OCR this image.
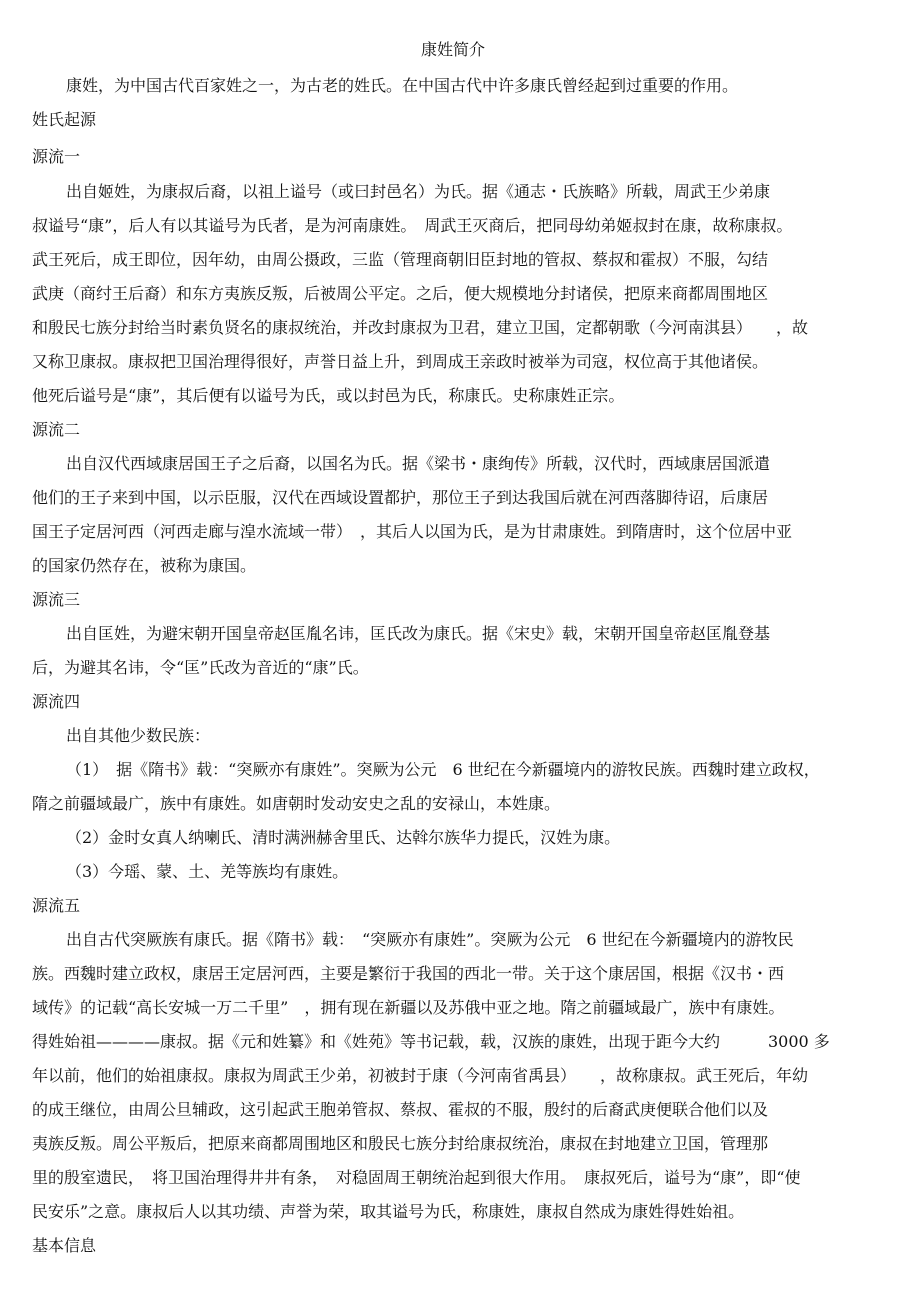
康姓简介
康姓，为中国古代百家姓之一，为古老的姓氏。在中国古代中许多康氏曾经起到过重要的作用。
姓氏起源
源流一
出自姬姓，为康叔后裔，以祖上谥号（或曰封邑名）为氏。据《通志・氏族略》所载，周武王少弟康
叔谥号“康”，后人有以其谥号为氏者，是为河南康姓。　周武王灭商后，把同母幼弟姬叔封在康，故称康叔。
武王死后，成王即位，因年幼，由周公摄政，三监（管理商朝旧臣封地的管叔、蔡叔和霍叔）不服，勾结
武庚（商纣王后裔）和东方夷族反叛，后被周公平定。之后，便大规模地分封诸侯，把原来商都周围地区
和殷民七族分封给当时素负贤名的康叔统治，并改封康叔为卫君，建立卫国，定都朝歌（今河南淇县）　　，故
又称卫康叔。康叔把卫国治理得很好，声誉日益上升，到周成王亲政时被举为司寇，权位高于其他诸侯。
他死后谥号是“康”，其后便有以谥号为氏，或以封邑为氏，称康氏。史称康姓正宗。
源流二
出自汉代西域康居国王子之后裔，以国名为氏。据《梁书・康绚传》所载，汉代时，西域康居国派遣
他们的王子来到中国，以示臣服，汉代在西域设置都护，那位王子到达我国后就在河西落脚待诏，后康居
国王子定居河西（河西走廊与湟水流域一带）　，其后人以国为氏，是为甘肃康姓。到隋唐时，这个位居中亚
的国家仍然存在，被称为康国。
源流三
出自匡姓，为避宋朝开国皇帝赵匡胤名讳，匡氏改为康氏。据《宋史》载，宋朝开国皇帝赵匡胤登基
后，为避其名讳，令“匡”氏改为音近的“康”氏。
源流四
出自其他少数民族：
（1）　据《隋书》载：“突厥亦有康姓”。突厥为公元　6 世纪在今新疆境内的游牧民族。西魏时建立政权，
隋之前疆域最广，族中有康姓。如唐朝时发动安史之乱的安禄山，本姓康。
（2）金时女真人纳喇氏、清时满洲赫舍里氏、达斡尔族华力提氏，汉姓为康。
（3）今瑶、蒙、土、羌等族均有康姓。
源流五
出自古代突厥族有康氏。据《隋书》载：　“突厥亦有康姓”。突厥为公元　6 世纪在今新疆境内的游牧民
族。西魏时建立政权，康居王定居河西，主要是繁衍于我国的西北一带。关于这个康居国，根据《汉书・西
域传》的记载“高长安城一万二千里”　，拥有现在新疆以及苏俄中亚之地。隋之前疆域最广，族中有康姓。
得姓始祖————康叔。据《元和姓纂》和《姓苑》等书记载，载，汉族的康姓，出现于距今大约　　　3000 多
年以前，他们的始祖康叔。康叔为周武王少弟，初被封于康（今河南省禹县）　　，故称康叔。武王死后，年幼
的成王继位，由周公旦辅政，这引起武王胞弟管叔、蔡叔、霍叔的不服，殷纣的后裔武庚便联合他们以及
夷族反叛。周公平叛后，把原来商都周围地区和殷民七族分封给康叔统治，康叔在封地建立卫国，管理那
里的殷室遗民，　将卫国治理得井井有条，　对稳固周王朝统治起到很大作用。　康叔死后，谥号为“康”，即“使
民安乐”之意。康叔后人以其功绩、声誉为荣，取其谥号为氏，称康姓，康叔自然成为康姓得姓始祖。
基本信息
